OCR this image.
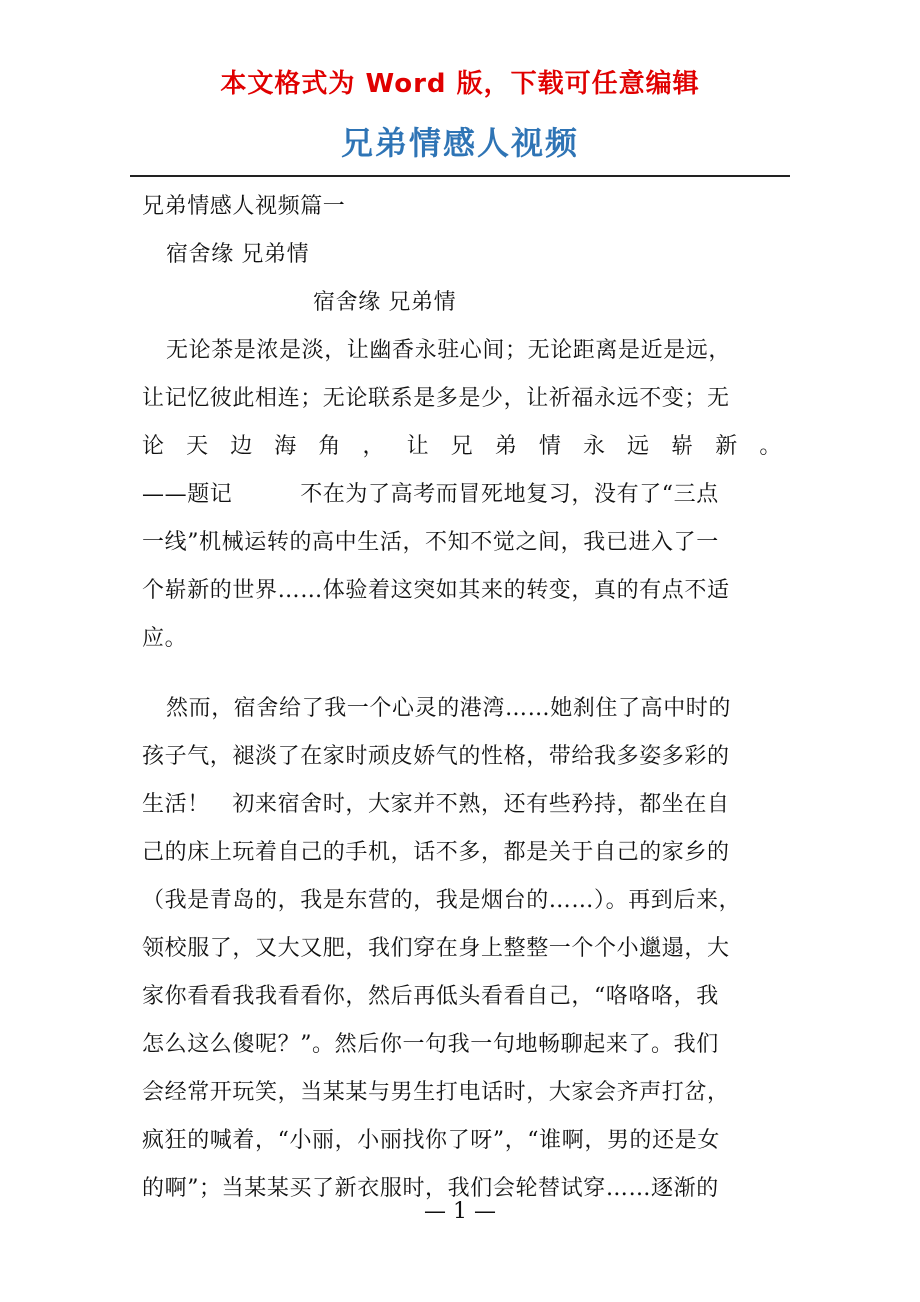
本文格式为 Word 版，下载可任意编辑
兄弟情感人视频
兄弟情感人视频篇一
宿舍缘 兄弟情
宿舍缘 兄弟情
无论茶是浓是淡，让幽香永驻心间；无论距离是近是远，
让记忆彼此相连；无论联系是多是少，让祈福永远不变；无
论 天 边 海 角 ， 让 兄 弟 情 永 远 崭 新 。
——题记　　　不在为了高考而冒死地复习，没有了“三点
一线”机械运转的高中生活，不知不觉之间，我已进入了一
个崭新的世界……体验着这突如其来的转变，真的有点不适
应。
然而，宿舍给了我一个心灵的港湾……她刹住了高中时的
孩子气，褪淡了在家时顽皮娇气的性格，带给我多姿多彩的
生活！　初来宿舍时，大家并不熟，还有些矜持，都坐在自
己的床上玩着自己的手机，话不多，都是关于自己的家乡的
（我是青岛的，我是东营的，我是烟台的……）。再到后来，
领校服了，又大又肥，我们穿在身上整整一个个小邋遢，大
家你看看我我看看你，然后再低头看看自己，“咯咯咯，我
怎么这么傻呢？”。然后你一句我一句地畅聊起来了。我们
会经常开玩笑，当某某与男生打电话时，大家会齐声打岔，
疯狂的喊着，“小丽，小丽找你了呀”，“谁啊，男的还是女
的啊”；当某某买了新衣服时，我们会轮替试穿……逐渐的
— 1 —
